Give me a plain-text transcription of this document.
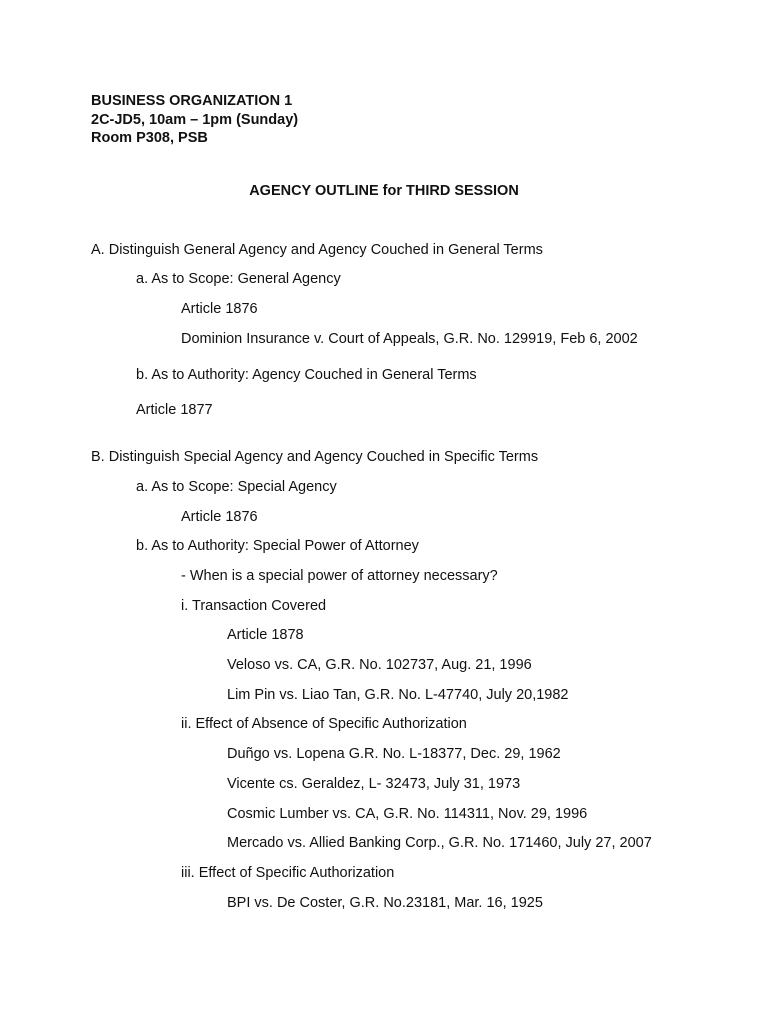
BUSINESS ORGANIZATION 1
2C-JD5, 10am – 1pm (Sunday)
Room P308, PSB
AGENCY OUTLINE for THIRD SESSION
A. Distinguish General Agency and Agency Couched in General Terms
a. As to Scope: General Agency
Article 1876
Dominion Insurance v. Court of Appeals, G.R. No. 129919, Feb 6, 2002
b. As to Authority: Agency Couched in General Terms
Article 1877
B. Distinguish Special Agency and Agency Couched in Specific Terms
a. As to Scope: Special Agency
Article 1876
b. As to Authority: Special Power of Attorney
- When is a special power of attorney necessary?
i. Transaction Covered
Article 1878
Veloso vs. CA, G.R. No. 102737, Aug. 21, 1996
Lim Pin vs. Liao Tan, G.R. No. L-47740, July 20,1982
ii. Effect of Absence of Specific Authorization
Duñgo vs. Lopena G.R. No. L-18377, Dec. 29, 1962
Vicente cs. Geraldez, L- 32473, July 31, 1973
Cosmic Lumber vs. CA, G.R. No. 114311, Nov. 29, 1996
Mercado vs. Allied Banking Corp., G.R. No. 171460, July 27, 2007
iii. Effect of Specific Authorization
BPI vs. De Coster, G.R. No.23181, Mar. 16, 1925
